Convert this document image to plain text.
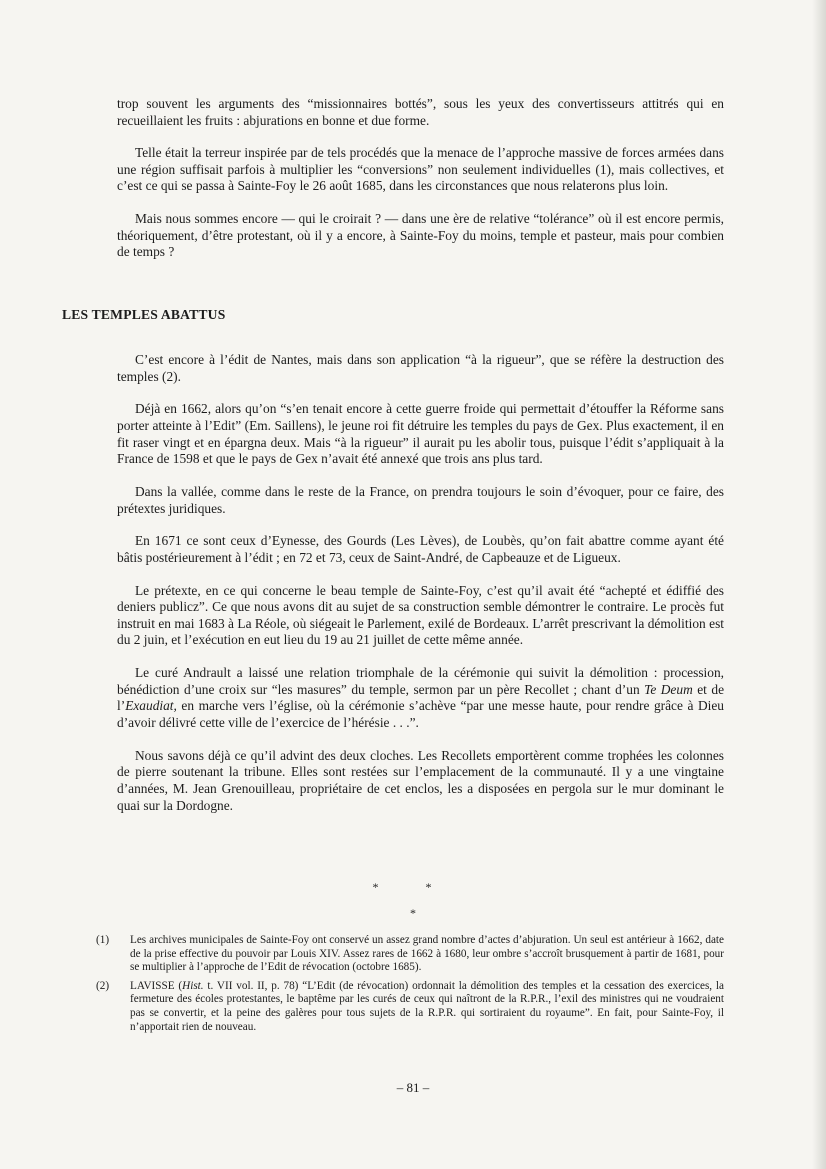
trop souvent les arguments des “missionnaires bottés”, sous les yeux des convertisseurs attitrés qui en recueillaient les fruits : abjurations en bonne et due forme.

Telle était la terreur inspirée par de tels procédés que la menace de l’approche massive de forces armées dans une région suffisait parfois à multiplier les “conversions” non seulement individuelles (1), mais collectives, et c’est ce qui se passa à Sainte-Foy le 26 août 1685, dans les circonstances que nous relaterons plus loin.

Mais nous sommes encore — qui le croirait ? — dans une ère de relative “tolérance” où il est encore permis, théoriquement, d’être protestant, où il y a encore, à Sainte-Foy du moins, temple et pasteur, mais pour combien de temps ?

LES TEMPLES ABATTUS

C’est encore à l’édit de Nantes, mais dans son application “à la rigueur”, que se réfère la destruction des temples (2).

Déjà en 1662, alors qu’on “s’en tenait encore à cette guerre froide qui permettait d’étouffer la Réforme sans porter atteinte à l’Edit” (Em. Saillens), le jeune roi fit détruire les temples du pays de Gex. Plus exactement, il en fit raser vingt et en épargna deux. Mais “à la rigueur” il aurait pu les abolir tous, puisque l’édit s’appliquait à la France de 1598 et que le pays de Gex n’avait été annexé que trois ans plus tard.

Dans la vallée, comme dans le reste de la France, on prendra toujours le soin d’évoquer, pour ce faire, des prétextes juridiques.

En 1671 ce sont ceux d’Eynesse, des Gourds (Les Lèves), de Loubès, qu’on fait abattre comme ayant été bâtis postérieurement à l’édit ; en 72 et 73, ceux de Saint-André, de Capbeauze et de Ligueux.

Le prétexte, en ce qui concerne le beau temple de Sainte-Foy, c’est qu’il avait été “achepté et édiffié des deniers publicz”. Ce que nous avons dit au sujet de sa construction semble démontrer le contraire. Le procès fut instruit en mai 1683 à La Réole, où siégeait le Parlement, exilé de Bordeaux. L’arrêt prescrivant la démolition est du 2 juin, et l’exécution en eut lieu du 19 au 21 juillet de cette même année.

Le curé Andrault a laissé une relation triomphale de la cérémonie qui suivit la démolition : procession, bénédiction d’une croix sur “les masures” du temple, sermon par un père Recollet ; chant d’un Te Deum et de l’Exaudiat, en marche vers l’église, où la cérémonie s’achève “par une messe haute, pour rendre grâce à Dieu d’avoir délivré cette ville de l’exercice de l’hérésie . . .”.

Nous savons déjà ce qu’il advint des deux cloches. Les Recollets emportèrent comme trophées les colonnes de pierre soutenant la tribune. Elles sont restées sur l’emplacement de la communauté. Il y a une vingtaine d’années, M. Jean Grenouilleau, propriétaire de cet enclos, les a disposées en pergola sur le mur dominant le quai sur la Dordogne.

* *
*
(1)	Les archives municipales de Sainte-Foy ont conservé un assez grand nombre d’actes d’abjuration. Un seul est antérieur à 1662, date de la prise effective du pouvoir par Louis XIV. Assez rares de 1662 à 1680, leur ombre s’accroît brusquement à partir de 1681, pour se multiplier à l’approche de l’Edit de révocation (octobre 1685).
(2)	LAVISSE (Hist. t. VII vol. II, p. 78) “L’Edit (de révocation) ordonnait la démolition des temples et la cessation des exercices, la fermeture des écoles protestantes, le baptême par les curés de ceux qui naîtront de la R.P.R., l’exil des ministres qui ne voudraient pas se convertir, et la peine des galères pour tous sujets de la R.P.R. qui sortiraient du royaume”. En fait, pour Sainte-Foy, il n’apportait rien de nouveau.
– 81 –
